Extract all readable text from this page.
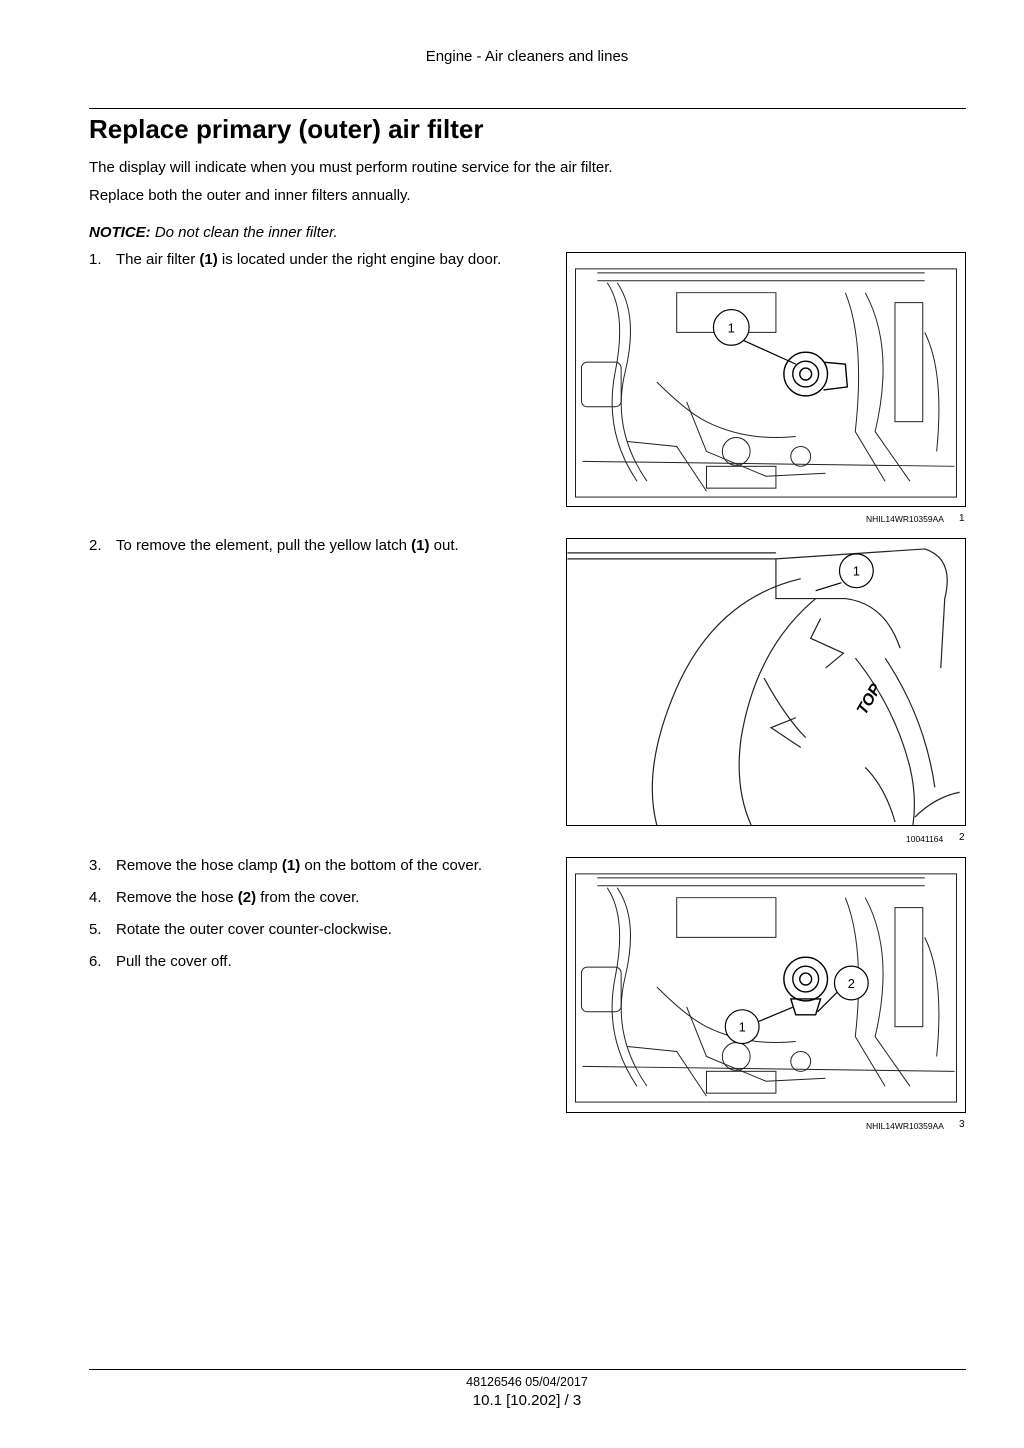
Engine - Air cleaners and lines
Replace primary (outer) air filter

The display will indicate when you must perform routine service for the air filter.

Replace both the outer and inner filters annually.

NOTICE: Do not clean the inner filter.

1. The air filter (1) is located under the right engine bay door.
2. To remove the element, pull the yellow latch (1) out.
3. Remove the hose clamp (1) on the bottom of the cover.
4. Remove the hose (2) from the cover.
5. Rotate the outer cover counter-clockwise.
6. Pull the cover off.
1
NHIL14WR10359AA 1
TOP
1
10041164 2
1
2
NHIL14WR10359AA 3
48126546 05/04/2017
10.1 [10.202] / 3
